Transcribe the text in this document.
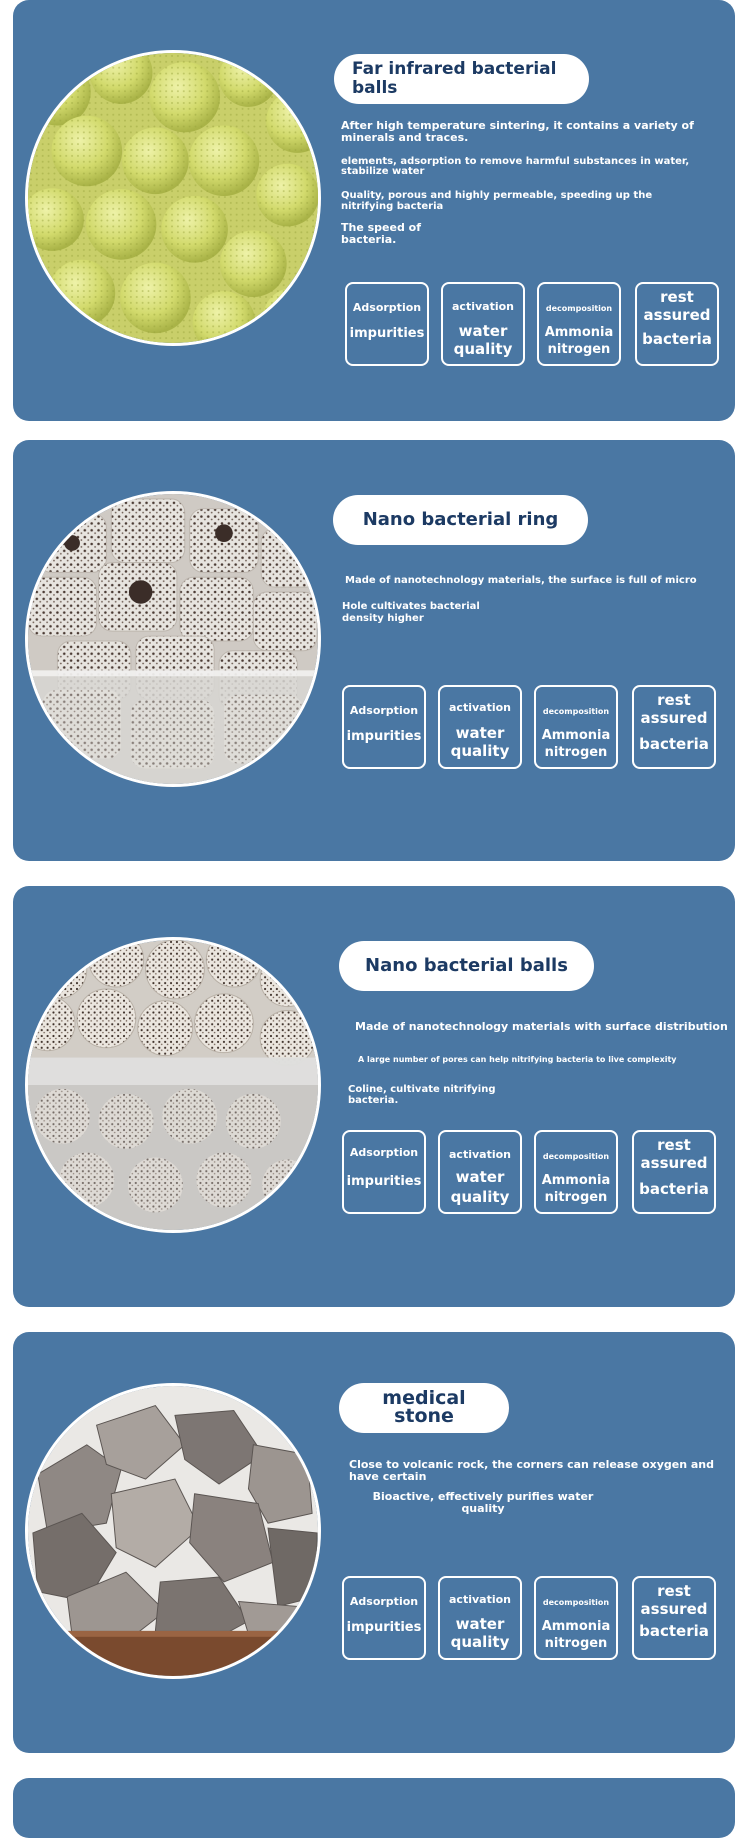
Far infrared bacterial balls
After high temperature sintering, it contains a variety of minerals and traces.
elements, adsorption to remove harmful substances in water, stabilize water
Quality, porous and highly permeable, speeding up the nitrifying bacteria
The speed of bacteria.
Adsorption
impurities
activation
water quality
decomposition
Ammonia nitrogen
rest assured
bacteria
Nano bacterial ring
Made of nanotechnology materials, the surface is full of micro
Hole cultivates bacterial density higher
Adsorption
impurities
activation
water quality
decomposition
Ammonia nitrogen
rest assured
bacteria
Nano bacterial balls
Made of nanotechnology materials with surface distribution
A large number of pores can help nitrifying bacteria to live complexity
Coline, cultivate nitrifying bacteria.
Adsorption
impurities
activation
water quality
decomposition
Ammonia nitrogen
rest assured
bacteria
medical stone
Close to volcanic rock, the corners can release oxygen and have certain
Bioactive, effectively purifies water quality
Adsorption
impurities
activation
water quality
decomposition
Ammonia nitrogen
rest assured
bacteria
